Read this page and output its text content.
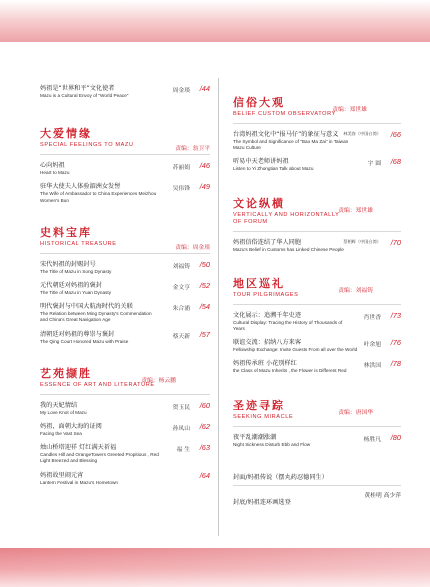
妈祖是“世界和平”文化使者
Mazu is a Cultural Envoy of "World Peace"
周金琰 /44
大爱情缘
SPECIAL FEELINGS TO MAZU
责编：翁卫平
心向妈祖
Heart to Mazu
苏丽娟 /46
驻华大使夫人体验湄洲女发髻
The Wife of Ambassador to China Experiences Meizhou Women's Bun
吴伟锋 /49
史料宝库
HISTORICAL TREASURE
责编：周金琰
宋代妈祖的封赐封号
The Title of Mazu in Song Dynasty
刘福铸 /50
元代朝廷对妈祖的褒封
The Title of Mazu in Yuan Dynasty
金文亨 /52
明代褒封与中国大航海时代的关联
The Relation between Ming Dynasty's Commendation and China's Great Navigation Age
朱合浦 /54
清朝廷对妈祖的尊崇与褒封
The Qing Court Honored Mazu with Praise
蔡天新 /57
艺苑撷胜
ESSENCE OF ART AND LITERATURE
责编：杨云鹏
我的天妃情结
My Love Knot of Mazu
贺玉民 /60
妈祖，面朝大海的证阅
Facing the Vast Sea
孙凤山 /62
烛山桥塔迎祥 灯红满天祈福
Candles Hill and OrangeTowers Greeted Propitious , Red Light Breezed and Blessing
福 生 /63
妈祖故里闹元宵
Lantern Festival in Mazu's Hometown
/64
信俗大观
BELIEF CUSTOM OBSERVATORY
责编：郑世雄
台湾妈祖文化中“报马仔”的象征与意义
The Symbol and Significance of "Bao Ma Zai" in Taiwan Mazu Culture
林美容（中国台湾） /66
听易中天老师讲妈祖
Listen to Yi Zhongtian Talk about Mazu
宇 圆 /68
文论纵横
VERTICALLY AND HORIZONTALLY OF FORUM
责编：郑世雄
妈祖信俗连结了华人同胞
Mazu's Belief in Customs has Linked Chinese People
蔡相辉（中国台湾） /70
地区巡礼
TOUR PILGRIMAGES
责编：刘福铸
文化展示：追溯千年史迹
Cultural Display: Tracing the History of Thousands of Years
肖世香 /73
联谊交流：招纳八方来客
Fellowship Exchange: Invite Guests From all over the World
叶余旭 /76
妈祖传承班 小花别样红
the Class of Mazu Inherits , the Flower is Different Red
林洪国 /78
圣迹寻踪
SEEKING MIRACLE
责编：唐国华
夜平乱潮潮涨潮
Night Sickness Disturb Ebb and Flow
杨胜凡 /80
封面/妈祖传说（摆丸药忍德同生）
封底/妈祖连环画选登
黄桂明 高少萍
